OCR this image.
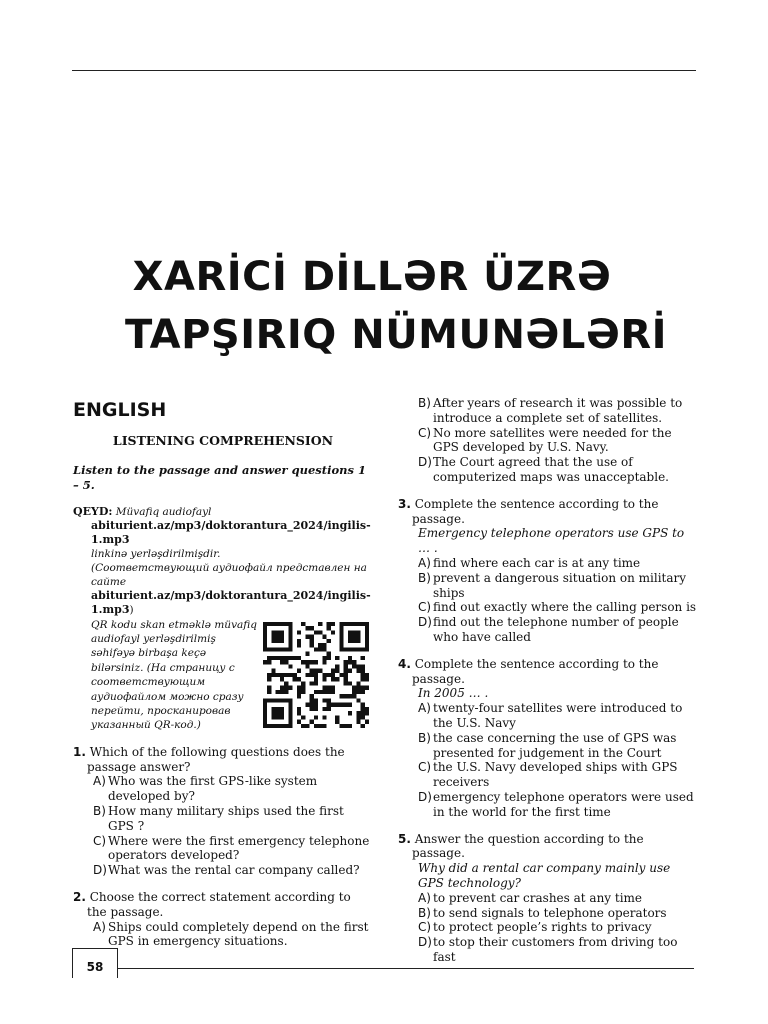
XARİCİ DİLLƏR ÜZRƏ
TAPŞIRIQ NÜMUNƏLƏRİ
ENGLISH
LISTENING COMPREHENSION
Listen to the passage and answer questions 1 – 5.
QEYD: Müvafiq audiofayl
abiturient.az/mp3/doktorantura_2024/ingilis-1.mp3
linkinə yerləşdirilmişdir.
(Соответствующий аудиофайл представлен на сайте
abiturient.az/mp3/doktorantura_2024/ingilis-1.mp3)
QR kodu skan etməklə müvafiq audiofayl yerləşdirilmiş səhifəyə birbaşa keçə bilərsiniz. (На страницу с соответствующим аудиофайлом можно сразу перейти, просканировав указанный QR-код.)
1. Which of the following questions does the passage answer?
A) Who was the first GPS-like system developed by?
B) How many military ships used the first GPS ?
C) Where were the first emergency telephone operators developed?
D) What was the rental car company called?
2. Choose the correct statement according to the passage.
A) Ships could completely depend on the first GPS in emergency situations.
B) After years of research it was possible to introduce a complete set of satellites.
C) No more satellites were needed for the GPS developed by U.S. Navy.
D) The Court agreed that the use of computerized maps was unacceptable.
3. Complete the sentence according to the passage.
Emergency telephone operators use GPS to … .
A) find where each car is at any time
B) prevent a dangerous situation on military ships
C) find out exactly where the calling person is
D) find out the telephone number of people who have called
4. Complete the sentence according to the passage.
In 2005 … .
A) twenty-four satellites were introduced to the U.S. Navy
B) the case concerning the use of GPS was presented for judgement in the Court
C) the U.S. Navy developed ships with GPS receivers
D) emergency telephone operators were used in the world for the first time
5. Answer the question according to the passage.
Why did a rental car company mainly use GPS technology?
A) to prevent car crashes at any time
B) to send signals to telephone operators
C) to protect people’s rights to privacy
D) to stop their customers from driving too fast
58
